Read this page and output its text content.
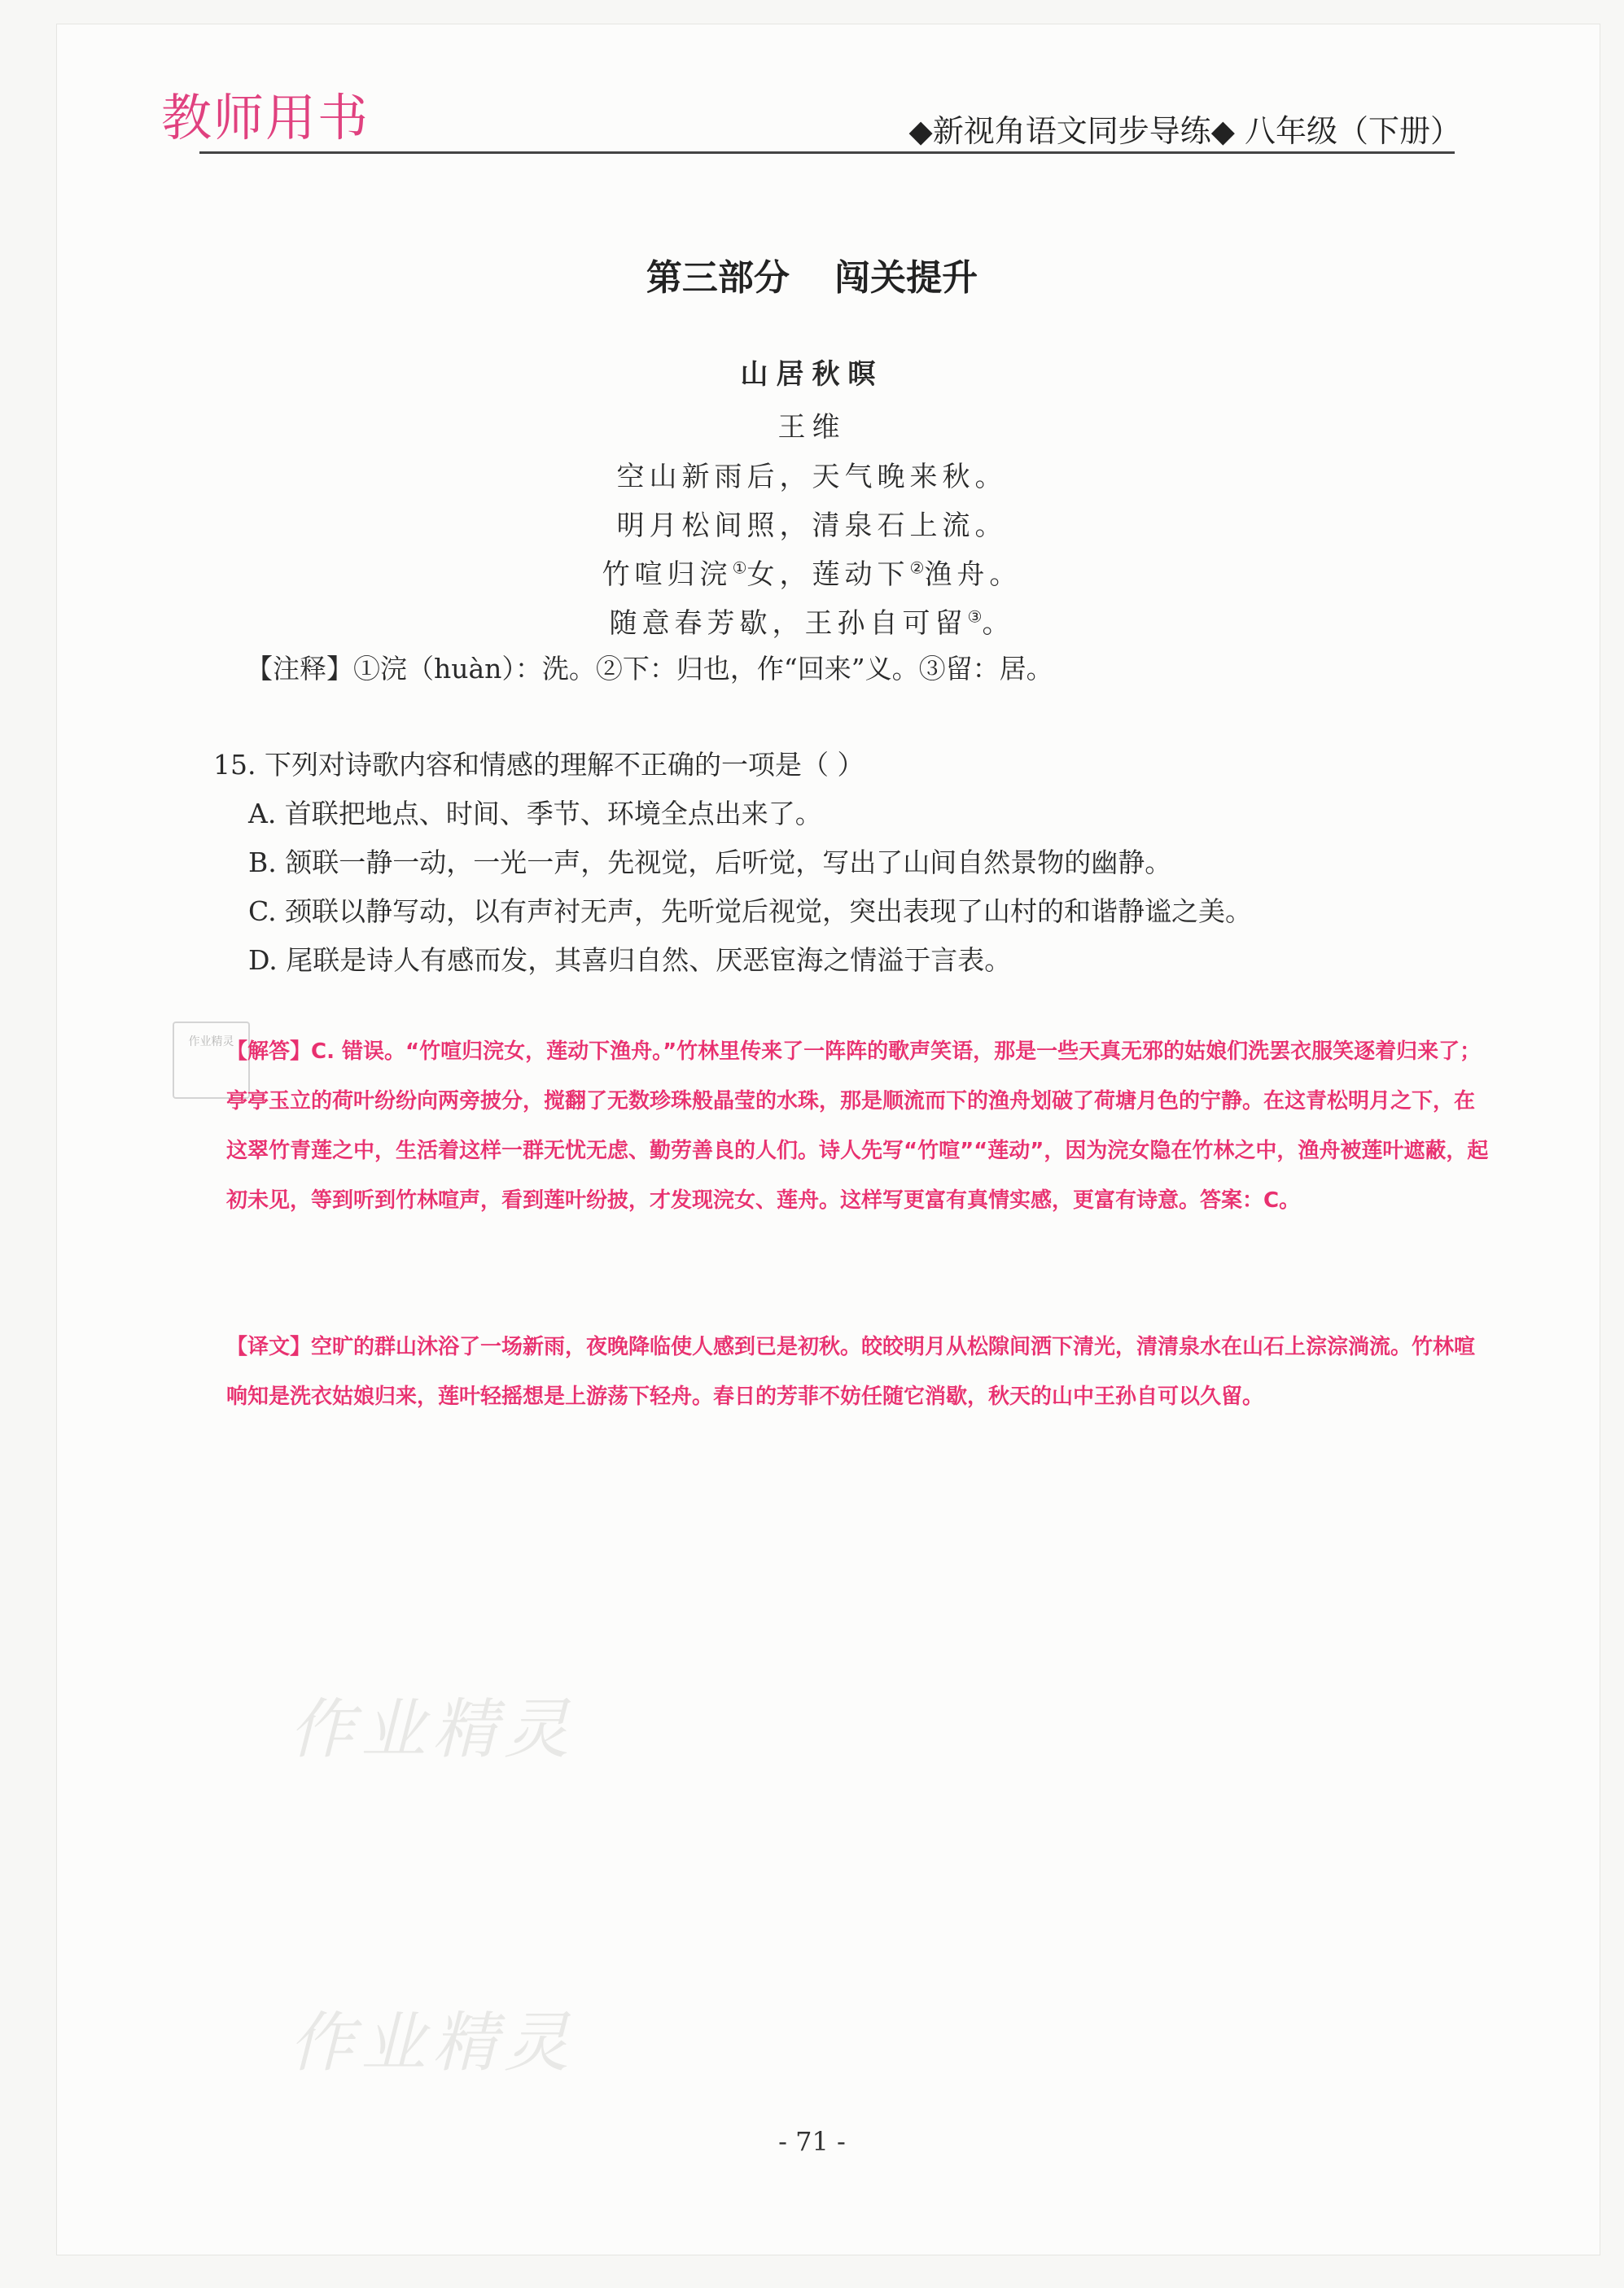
教师用书	◆新视角语文同步导练◆ 八年级（下册）
第三部分 闯关提升
山居秋暝
王维
空山新雨后，天气晚来秋。
明月松间照，清泉石上流。
竹喧归浣①女，莲动下②渔舟。
随意春芳歇，王孙自可留③。
【注释】①浣（huàn）：洗。②下：归也，作“回来”义。③留：居。
15. 下列对诗歌内容和情感的理解不正确的一项是（ ）
A. 首联把地点、时间、季节、环境全点出来了。
B. 颔联一静一动，一光一声，先视觉，后听觉，写出了山间自然景物的幽静。
C. 颈联以静写动，以有声衬无声，先听觉后视觉，突出表现了山村的和谐静谧之美。
D. 尾联是诗人有感而发，其喜归自然、厌恶宦海之情溢于言表。
作业精灵
【解答】C. 错误。“竹喧归浣女，莲动下渔舟。”竹林里传来了一阵阵的歌声笑语，那是一些天真无邪的姑娘们洗罢衣服笑逐着归来了；亭亭玉立的荷叶纷纷向两旁披分，搅翻了无数珍珠般晶莹的水珠，那是顺流而下的渔舟划破了荷塘月色的宁静。在这青松明月之下，在这翠竹青莲之中，生活着这样一群无忧无虑、勤劳善良的人们。诗人先写“竹喧”“莲动”，因为浣女隐在竹林之中，渔舟被莲叶遮蔽，起初未见，等到听到竹林喧声，看到莲叶纷披，才发现浣女、莲舟。这样写更富有真情实感，更富有诗意。答案：C。
【译文】空旷的群山沐浴了一场新雨，夜晚降临使人感到已是初秋。皎皎明月从松隙间洒下清光，清清泉水在山石上淙淙淌流。竹林喧响知是洗衣姑娘归来，莲叶轻摇想是上游荡下轻舟。春日的芳菲不妨任随它消歇，秋天的山中王孙自可以久留。
作业精灵
作业精灵
- 71 -
